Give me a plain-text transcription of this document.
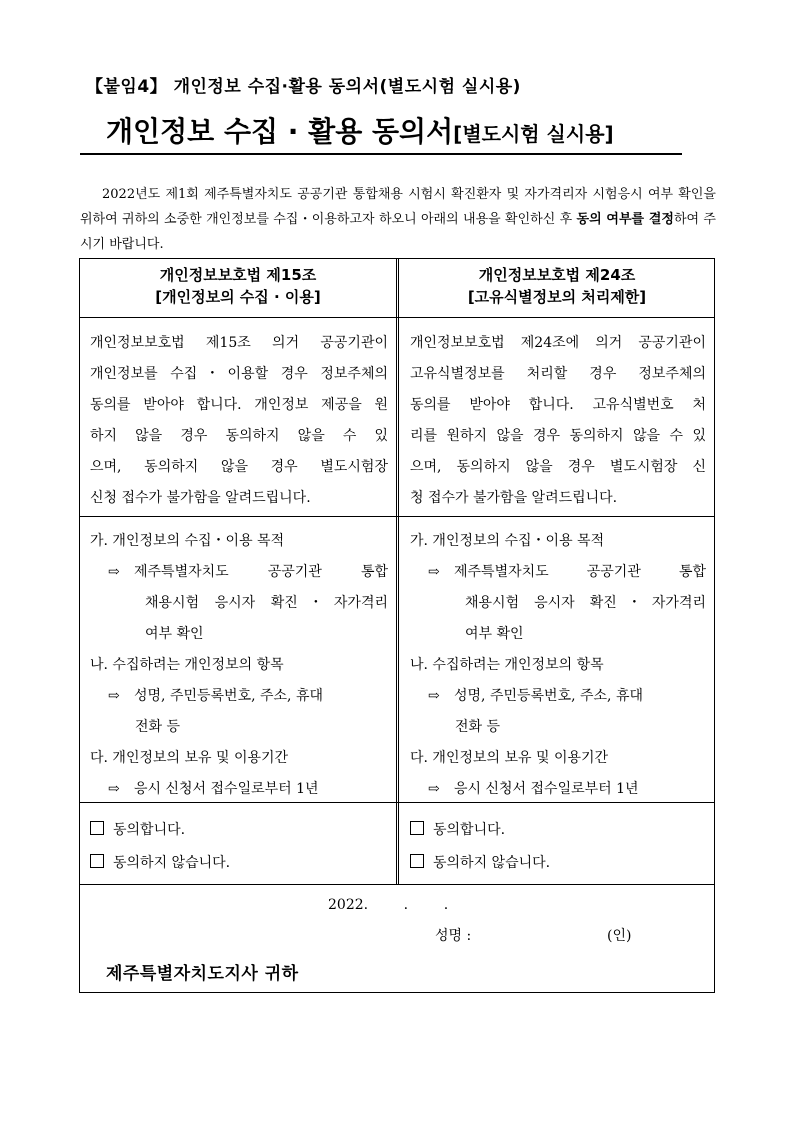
【붙임4】 개인정보 수집·활용 동의서(별도시험 실시용)
개인정보 수집 · 활용 동의서[별도시험 실시용]
2022년도 제1회 제주특별자치도 공공기관 통합채용 시험시 확진환자 및 자가격리자 시험응시 여부 확인을 위하여 귀하의 소중한 개인정보를 수집・이용하고자 하오니 아래의 내용을 확인하신 후 동의 여부를 결정하여 주시기 바랍니다.
개인정보보호법 제15조
[개인정보의 수집 · 이용]
개인정보보호법 제24조
[고유식별정보의 처리제한]
개인정보보호법 제15조 의거 공공기관이
개인정보를 수집・이용할 경우 정보주체의
동의를 받아야 합니다. 개인정보 제공을 원
하지 않을 경우 동의하지 않을 수 있
으며, 동의하지 않을 경우 별도시험장
신청 접수가 불가함을 알려드립니다.
개인정보보호법 제24조에 의거 공공기관이
고유식별정보를 처리할 경우 정보주체의
동의를 받아야 합니다. 고유식별번호 처
리를 원하지 않을 경우 동의하지 않을 수 있
으며, 동의하지 않을 경우 별도시험장 신
청 접수가 불가함을 알려드립니다.
가. 개인정보의 수집・이용 목적
⇨ 제주특별자치도 공공기관 통합
채용시험 응시자 확진・자가격리
여부 확인
나. 수집하려는 개인정보의 항목
⇨ 성명, 주민등록번호, 주소, 휴대
전화 등
다. 개인정보의 보유 및 이용기간
⇨ 응시 신청서 접수일로부터 1년
가. 개인정보의 수집・이용 목적
⇨ 제주특별자치도 공공기관 통합
채용시험 응시자 확진・자가격리
여부 확인
나. 수집하려는 개인정보의 항목
⇨ 성명, 주민등록번호, 주소, 휴대
전화 등
다. 개인정보의 보유 및 이용기간
⇨ 응시 신청서 접수일로부터 1년
동의합니다.
동의하지 않습니다.
동의합니다.
동의하지 않습니다.
2022.        .        .
성명 :	(인)
제주특별자치도지사 귀하
